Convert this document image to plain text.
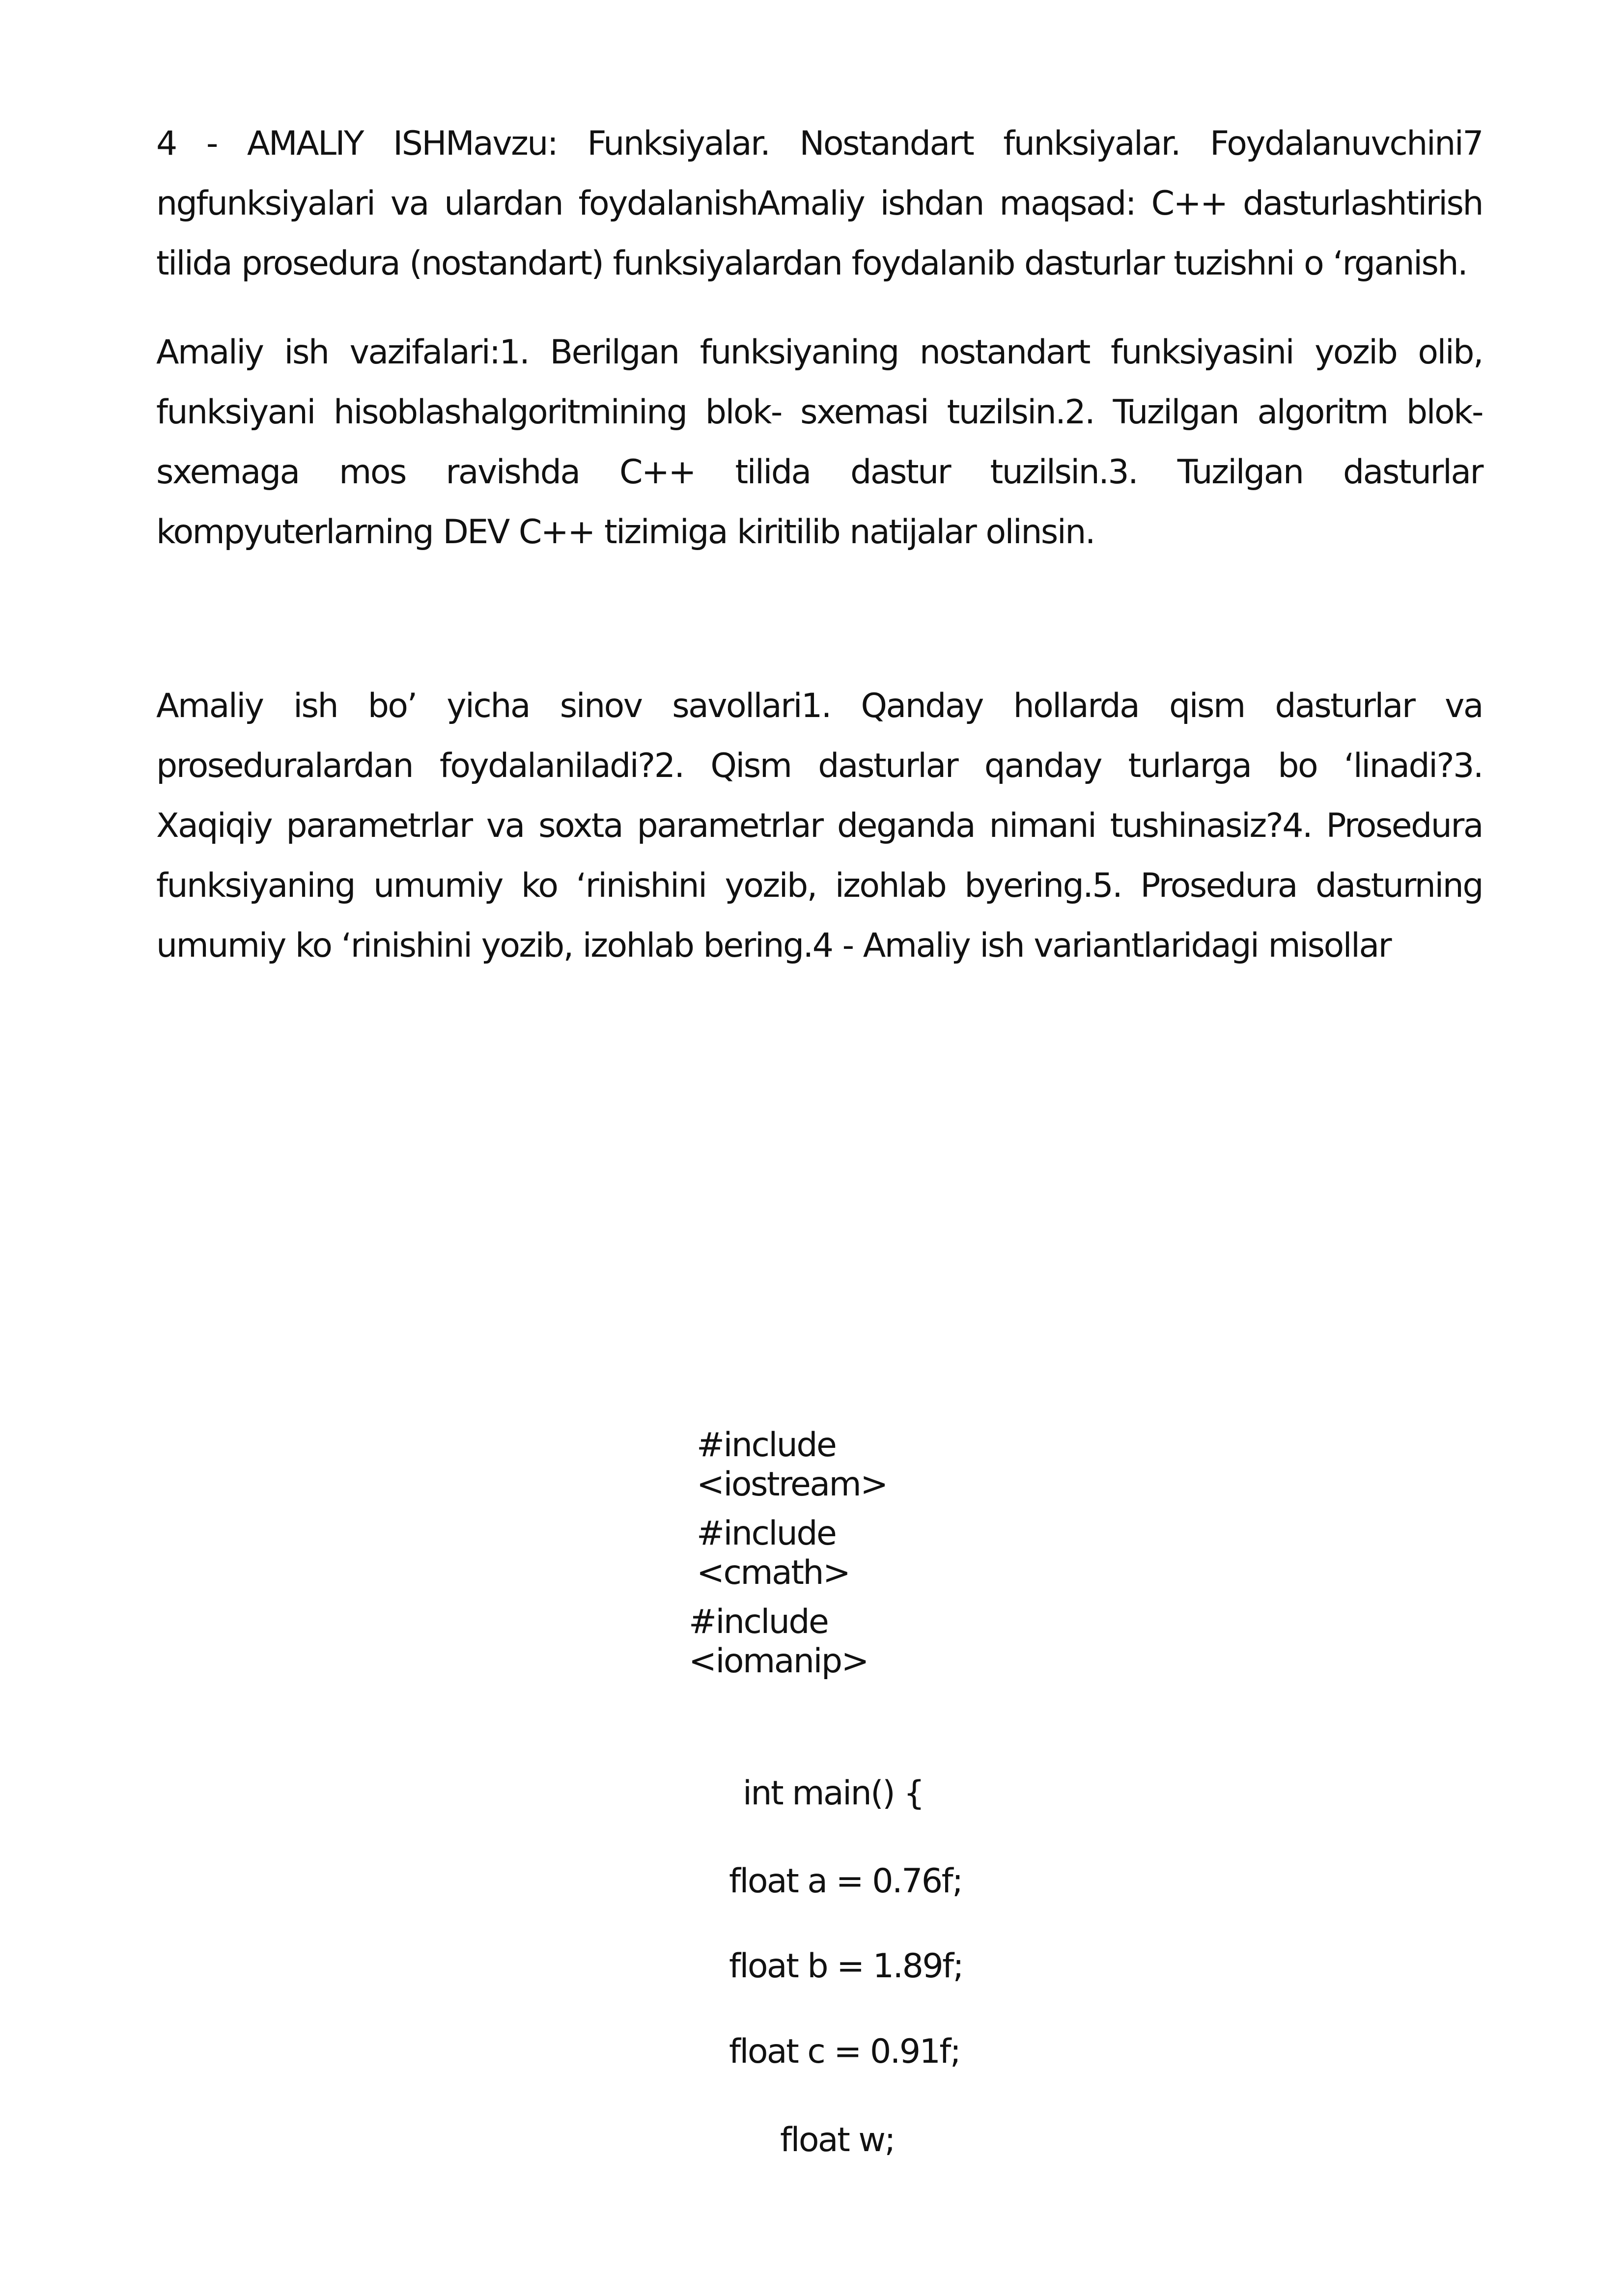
4 - AMALIY ISHMavzu: Funksiyalar. Nostandart funksiyalar. Foydalanuvchini7 ngfunksiyalari va ulardan foydalanishAmaliy ishdan maqsad: C++ dasturlashtirish tilida prosedura (nostandart) funksiyalardan foydalanib dasturlar tuzishni o ʻrganish.

Amaliy ish vazifalari:1. Berilgan funksiyaning nostandart funksiyasini yozib olib, funksiyani hisoblashalgoritmining blok- sxemasi tuzilsin.2. Tuzilgan algoritm blok- sxemaga mos ravishda C++ tilida dastur tuzilsin.3. Tuzilgan dasturlar kompyuterlarning DEV C++ tizimiga kiritilib natijalar olinsin.

Amaliy ish boʼ yicha sinov savollari1. Qanday hollarda qism dasturlar va proseduralardan foydalaniladi?2. Qism dasturlar qanday turlarga bo ʻlinadi?3. Xaqiqiy parametrlar va soxta parametrlar deganda nimani tushinasiz?4. Prosedura funksiyaning umumiy ko ʻrinishini yozib, izohlab byering.5. Prosedura dasturning umumiy ko ʻrinishini yozib, izohlab bering.4 - Amaliy ish variantlaridagi misollar

#include <iostream>
#include <cmath>
#include <iomanip>
int main() {
float a = 0.76f;
float b = 1.89f;
float c = 0.91f;
float w;
